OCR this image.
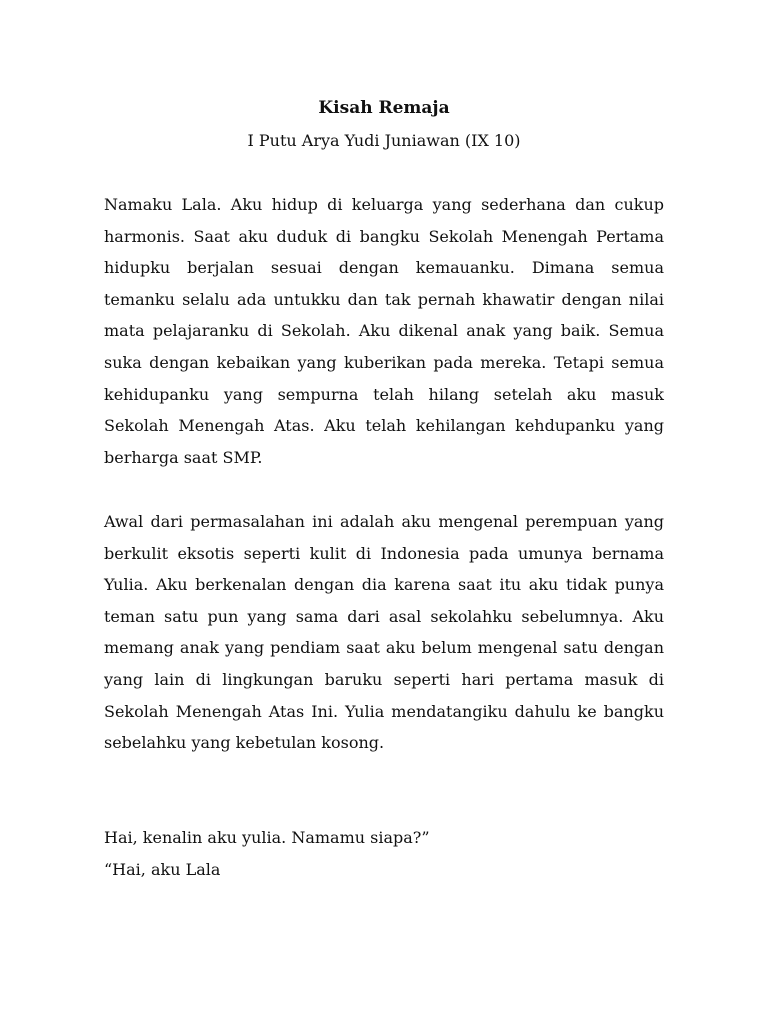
Kisah Remaja

I Putu Arya Yudi Juniawan (IX 10)

Namaku Lala. Aku hidup di keluarga yang sederhana dan cukup harmonis. Saat aku duduk di bangku Sekolah Menengah Pertama hidupku berjalan sesuai dengan kemauanku. Dimana semua temanku selalu ada untukku dan tak pernah khawatir dengan nilai mata pelajaranku di Sekolah. Aku dikenal anak yang baik. Semua suka dengan kebaikan yang kuberikan pada mereka. Tetapi semua kehidupanku yang sempurna telah hilang setelah aku masuk Sekolah Menengah Atas. Aku telah kehilangan kehdupanku yang berharga saat SMP.

Awal dari permasalahan ini adalah aku mengenal perempuan yang berkulit eksotis seperti kulit di Indonesia pada umunya bernama Yulia. Aku berkenalan dengan dia karena saat itu aku tidak punya teman satu pun yang sama dari asal sekolahku sebelumnya. Aku memang anak yang pendiam saat aku belum mengenal satu dengan yang lain di lingkungan baruku seperti hari pertama masuk di Sekolah Menengah Atas Ini. Yulia mendatangiku dahulu ke bangku sebelahku yang kebetulan kosong.

Hai, kenalin aku yulia. Namamu siapa?”

“Hai, aku Lala
